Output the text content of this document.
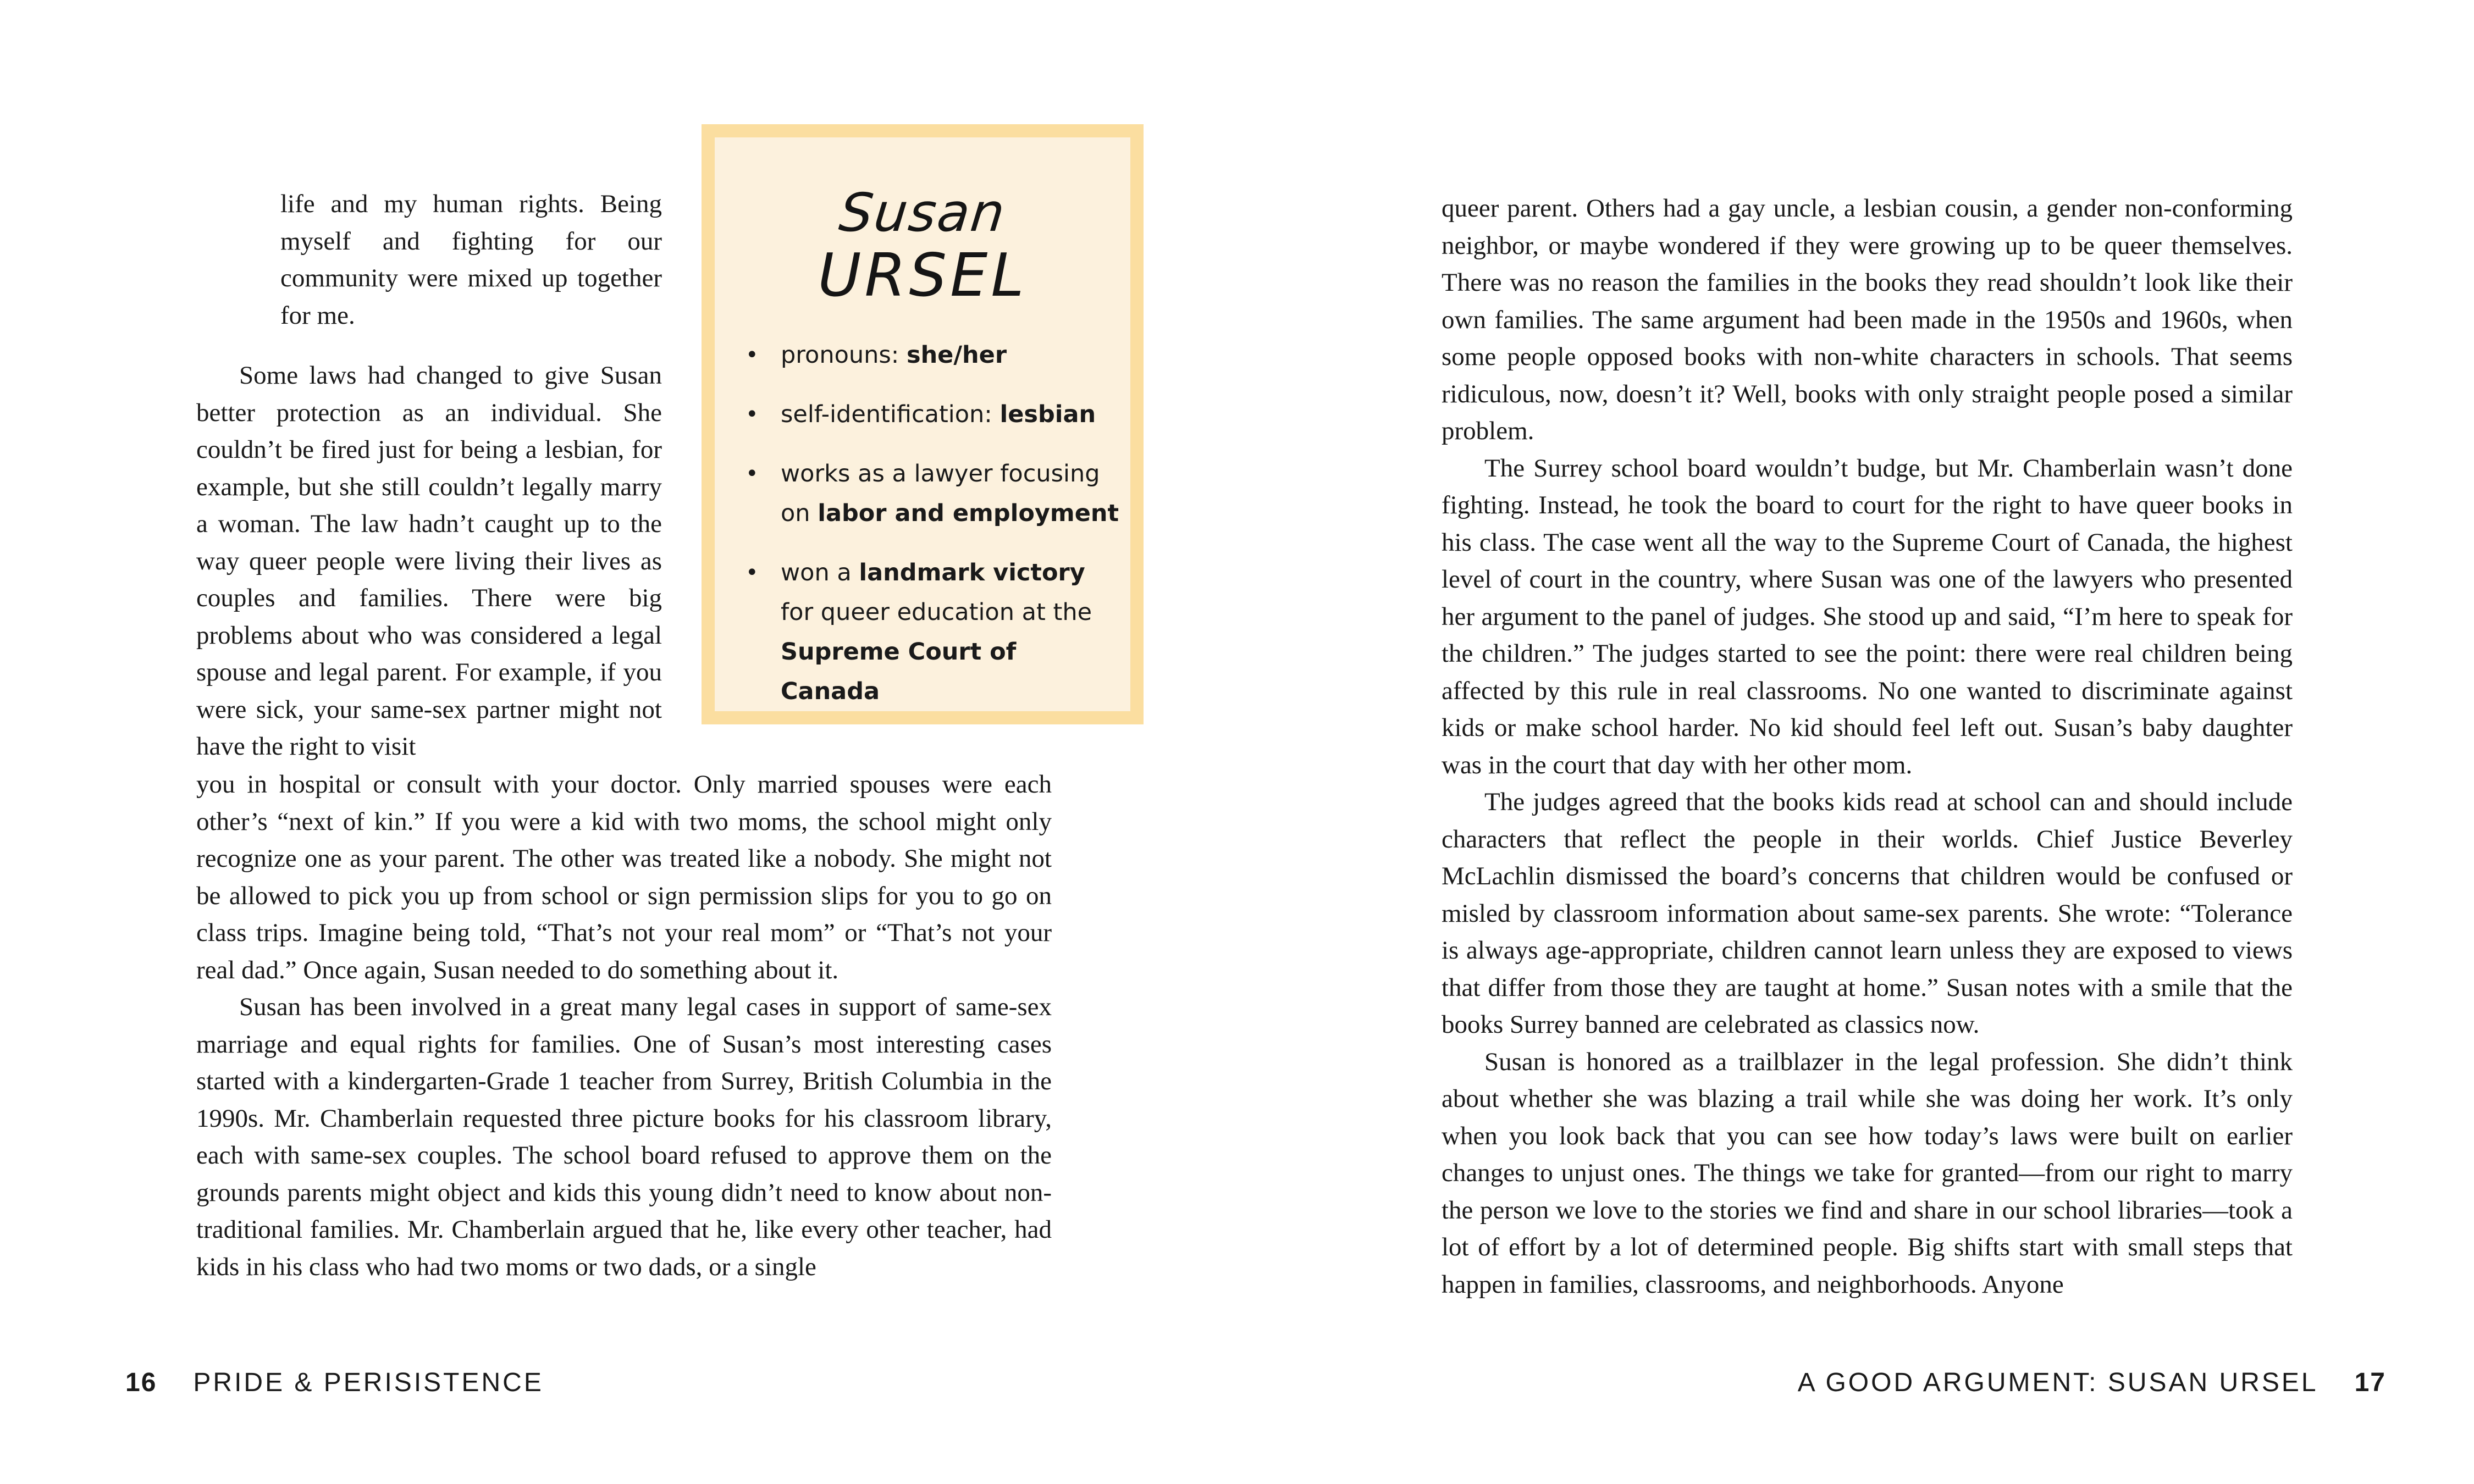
life and my human rights. Being myself and fighting for our community were mixed up together for me.

Some laws had changed to give Susan better protection as an individual. She couldn’t be fired just for being a lesbian, for example, but she still couldn’t legally marry a woman. The law hadn’t caught up to the way queer people were living their lives as couples and families. There were big problems about who was considered a legal spouse and legal parent. For example, if you were sick, your same-sex partner might not have the right to visit

you in hospital or consult with your doctor. Only married spouses were each other’s “next of kin.” If you were a kid with two moms, the school might only recognize one as your parent. The other was treated like a nobody. She might not be allowed to pick you up from school or sign permission slips for you to go on class trips. Imagine being told, “That’s not your real mom” or “That’s not your real dad.” Once again, Susan needed to do something about it.

Susan has been involved in a great many legal cases in support of same-sex marriage and equal rights for families. One of Susan’s most interesting cases started with a kindergarten-Grade 1 teacher from Surrey, British Columbia in the 1990s. Mr. Chamberlain requested three picture books for his classroom library, each with same-sex couples. The school board refused to approve them on the grounds parents might object and kids this young didn’t need to know about non-traditional families. Mr. Chamberlain argued that he, like every other teacher, had kids in his class who had two moms or two dads, or a single

Susan
URSEL
• pronouns: she/her
• self-identification: lesbian
• works as a lawyer focusing on labor and employment
• won a landmark victory for queer education at the Supreme Court of Canada
16 PRIDE & PERISISTENCE

queer parent. Others had a gay uncle, a lesbian cousin, a gender non-conforming neighbor, or maybe wondered if they were growing up to be queer themselves. There was no reason the families in the books they read shouldn’t look like their own families. The same argument had been made in the 1950s and 1960s, when some people opposed books with non-white characters in schools. That seems ridiculous, now, doesn’t it? Well, books with only straight people posed a similar problem.

The Surrey school board wouldn’t budge, but Mr. Chamberlain wasn’t done fighting. Instead, he took the board to court for the right to have queer books in his class. The case went all the way to the Supreme Court of Canada, the highest level of court in the country, where Susan was one of the lawyers who presented her argument to the panel of judges. She stood up and said, “I’m here to speak for the children.” The judges started to see the point: there were real children being affected by this rule in real classrooms. No one wanted to discriminate against kids or make school harder. No kid should feel left out. Susan’s baby daughter was in the court that day with her other mom.

The judges agreed that the books kids read at school can and should include characters that reflect the people in their worlds. Chief Justice Beverley McLachlin dismissed the board’s concerns that children would be confused or misled by classroom information about same-sex parents. She wrote: “Tolerance is always age-appropriate, children cannot learn unless they are exposed to views that differ from those they are taught at home.” Susan notes with a smile that the books Surrey banned are celebrated as classics now.

Susan is honored as a trailblazer in the legal profession. She didn’t think about whether she was blazing a trail while she was doing her work. It’s only when you look back that you can see how today’s laws were built on earlier changes to unjust ones. The things we take for granted—from our right to marry the person we love to the stories we find and share in our school libraries—took a lot of effort by a lot of determined people. Big shifts start with small steps that happen in families, classrooms, and neighborhoods. Anyone

A GOOD ARGUMENT: SUSAN URSEL 17
